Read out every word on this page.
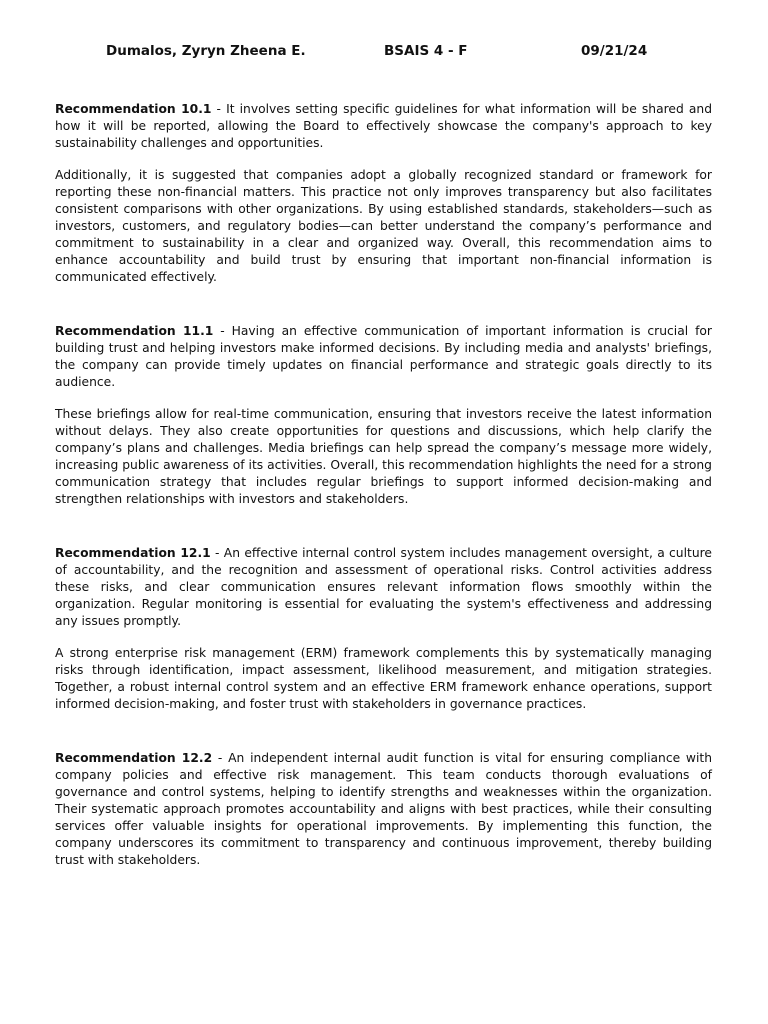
Dumalos, Zyryn Zheena E.	BSAIS 4 - F	09/21/24

Recommendation 10.1 - It involves setting specific guidelines for what information will be shared and how it will be reported, allowing the Board to effectively showcase the company's approach to key sustainability challenges and opportunities.

Additionally, it is suggested that companies adopt a globally recognized standard or framework for reporting these non-financial matters. This practice not only improves transparency but also facilitates consistent comparisons with other organizations. By using established standards, stakeholders—such as investors, customers, and regulatory bodies—can better understand the company’s performance and commitment to sustainability in a clear and organized way. Overall, this recommendation aims to enhance accountability and build trust by ensuring that important non-financial information is communicated effectively.

Recommendation 11.1 - Having an effective communication of important information is crucial for building trust and helping investors make informed decisions. By including media and analysts' briefings, the company can provide timely updates on financial performance and strategic goals directly to its audience.

These briefings allow for real-time communication, ensuring that investors receive the latest information without delays. They also create opportunities for questions and discussions, which help clarify the company’s plans and challenges. Media briefings can help spread the company’s message more widely, increasing public awareness of its activities. Overall, this recommendation highlights the need for a strong communication strategy that includes regular briefings to support informed decision-making and strengthen relationships with investors and stakeholders.

Recommendation 12.1 - An effective internal control system includes management oversight, a culture of accountability, and the recognition and assessment of operational risks. Control activities address these risks, and clear communication ensures relevant information flows smoothly within the organization. Regular monitoring is essential for evaluating the system's effectiveness and addressing any issues promptly.

A strong enterprise risk management (ERM) framework complements this by systematically managing risks through identification, impact assessment, likelihood measurement, and mitigation strategies. Together, a robust internal control system and an effective ERM framework enhance operations, support informed decision-making, and foster trust with stakeholders in governance practices.

Recommendation 12.2 - An independent internal audit function is vital for ensuring compliance with company policies and effective risk management. This team conducts thorough evaluations of governance and control systems, helping to identify strengths and weaknesses within the organization. Their systematic approach promotes accountability and aligns with best practices, while their consulting services offer valuable insights for operational improvements. By implementing this function, the company underscores its commitment to transparency and continuous improvement, thereby building trust with stakeholders.
